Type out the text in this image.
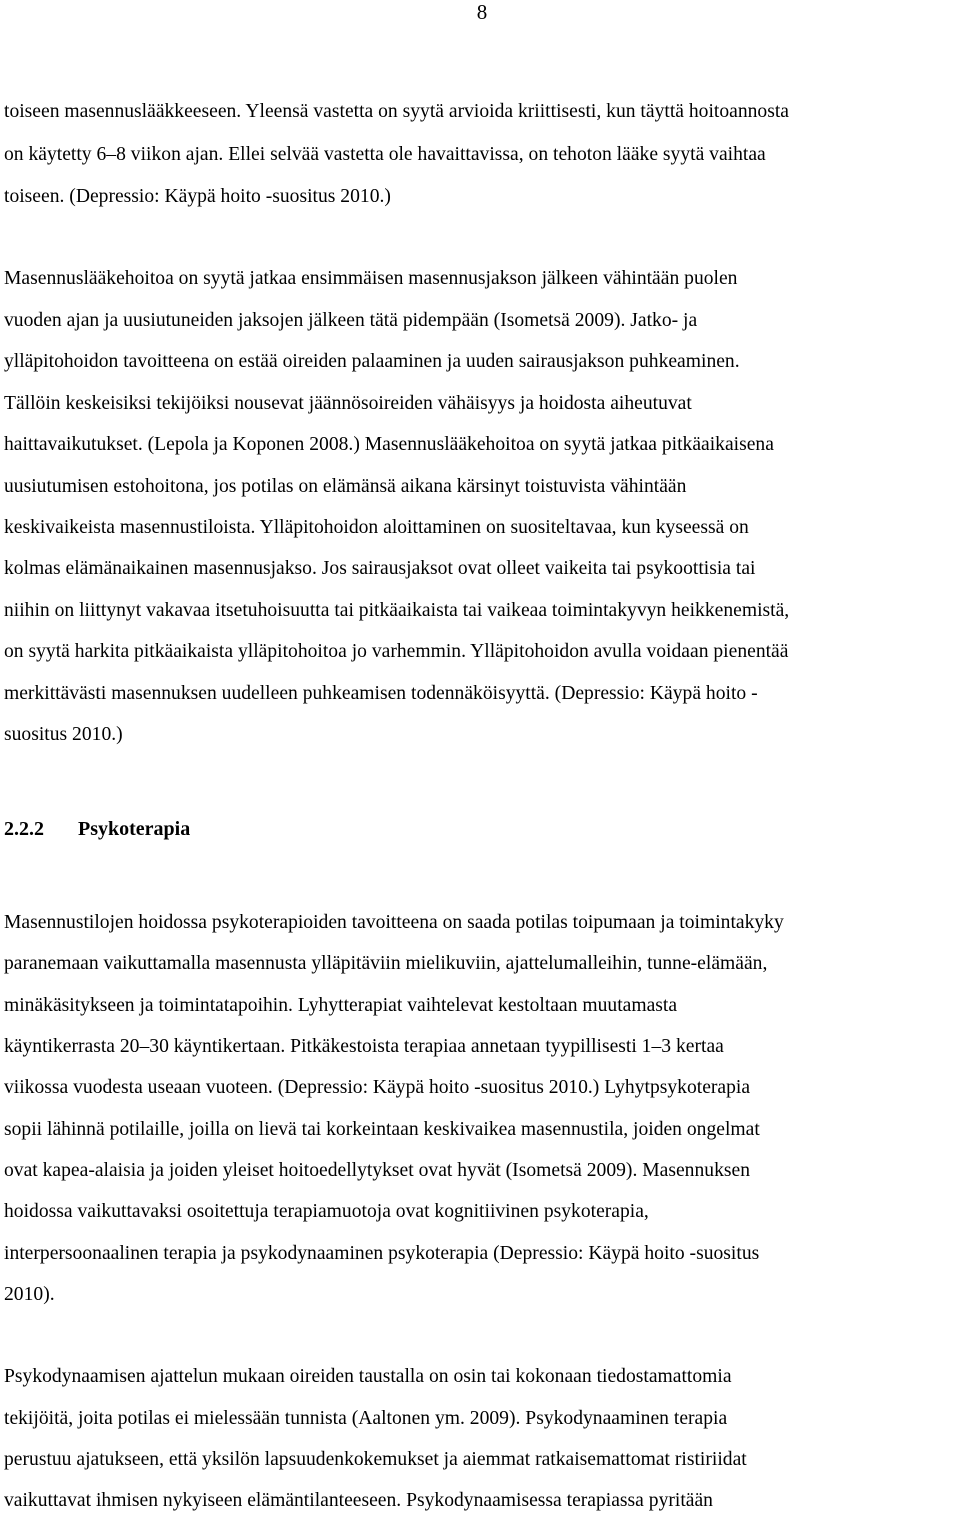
8
toiseen masennuslääkkeeseen. Yleensä vastetta on syytä arvioida kriittisesti, kun täyttä hoitoannosta
on käytetty 6–8 viikon ajan. Ellei selvää vastetta ole havaittavissa, on tehoton lääke syytä vaihtaa
toiseen. (Depressio: Käypä hoito -suositus 2010.)
Masennuslääkehoitoa on syytä jatkaa ensimmäisen masennusjakson jälkeen vähintään puolen
vuoden ajan ja uusiutuneiden jaksojen jälkeen tätä pidempään (Isometsä 2009). Jatko- ja
ylläpitohoidon tavoitteena on estää oireiden palaaminen ja uuden sairausjakson puhkeaminen.
Tällöin keskeisiksi tekijöiksi nousevat jäännösoireiden vähäisyys ja hoidosta aiheutuvat
haittavaikutukset. (Lepola ja Koponen 2008.) Masennuslääkehoitoa on syytä jatkaa pitkäaikaisena
uusiutumisen estohoitona, jos potilas on elämänsä aikana kärsinyt toistuvista vähintään
keskivaikeista masennustiloista. Ylläpitohoidon aloittaminen on suositeltavaa, kun kyseessä on
kolmas elämänaikainen masennusjakso. Jos sairausjaksot ovat olleet vaikeita tai psykoottisia tai
niihin on liittynyt vakavaa itsetuhoisuutta tai pitkäaikaista tai vaikeaa toimintakyvyn heikkenemistä,
on syytä harkita pitkäaikaista ylläpitohoitoa jo varhemmin. Ylläpitohoidon avulla voidaan pienentää
merkittävästi masennuksen uudelleen puhkeamisen todennäköisyyttä. (Depressio: Käypä hoito -
suositus 2010.)
2.2.2 Psykoterapia
Masennustilojen hoidossa psykoterapioiden tavoitteena on saada potilas toipumaan ja toimintakyky
paranemaan vaikuttamalla masennusta ylläpitäviin mielikuviin, ajattelumalleihin, tunne-elämään,
minäkäsitykseen ja toimintatapoihin. Lyhytterapiat vaihtelevat kestoltaan muutamasta
käyntikerrasta 20–30 käyntikertaan. Pitkäkestoista terapiaa annetaan tyypillisesti 1–3 kertaa
viikossa vuodesta useaan vuoteen. (Depressio: Käypä hoito -suositus 2010.) Lyhytpsykoterapia
sopii lähinnä potilaille, joilla on lievä tai korkeintaan keskivaikea masennustila, joiden ongelmat
ovat kapea-alaisia ja joiden yleiset hoitoedellytykset ovat hyvät (Isometsä 2009). Masennuksen
hoidossa vaikuttavaksi osoitettuja terapiamuotoja ovat kognitiivinen psykoterapia,
interpersoonaalinen terapia ja psykodynaaminen psykoterapia (Depressio: Käypä hoito -suositus
2010).
Psykodynaamisen ajattelun mukaan oireiden taustalla on osin tai kokonaan tiedostamattomia
tekijöitä, joita potilas ei mielessään tunnista (Aaltonen ym. 2009). Psykodynaaminen terapia
perustuu ajatukseen, että yksilön lapsuudenkokemukset ja aiemmat ratkaisemattomat ristiriidat
vaikuttavat ihmisen nykyiseen elämäntilanteeseen. Psykodynaamisessa terapiassa pyritään
